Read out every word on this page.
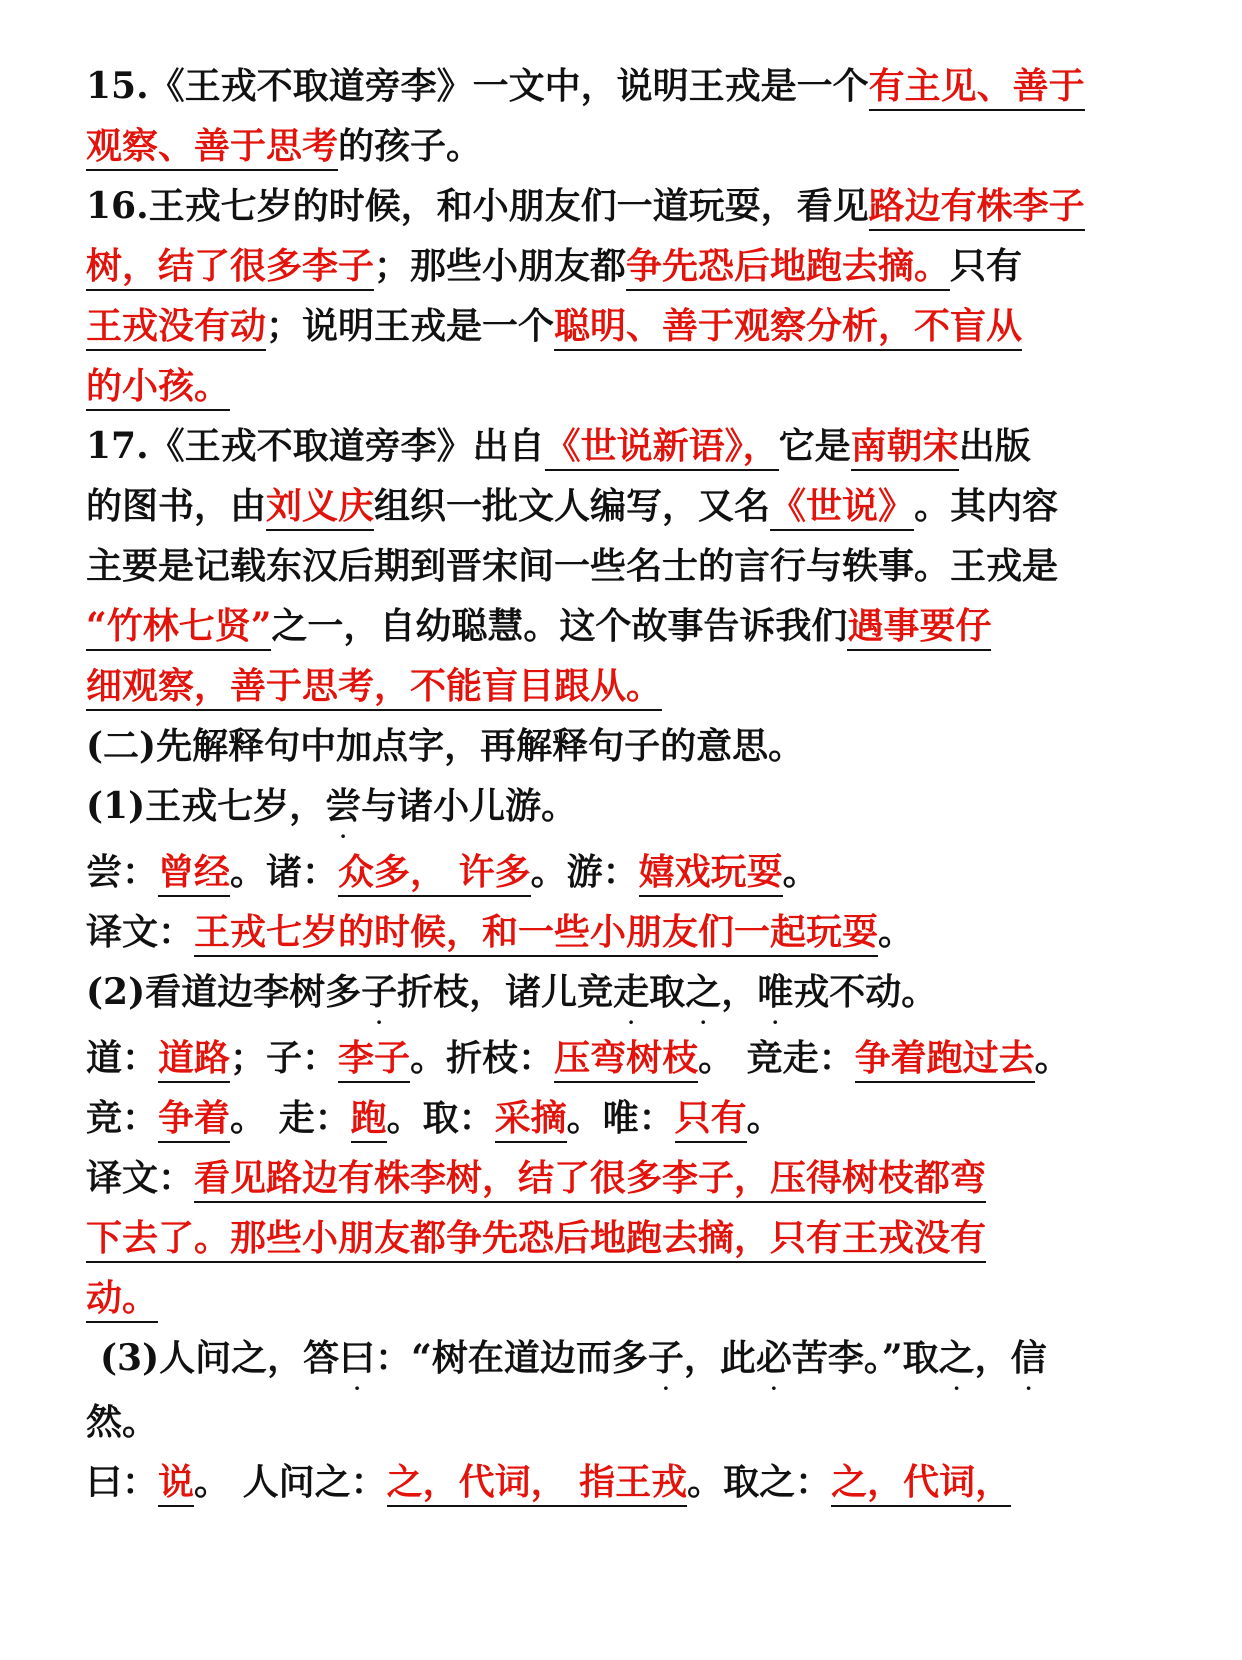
15.《王戎不取道旁李》一文中，说明王戎是一个有主见、善于
观察、善于思考的孩子。
16.王戎七岁的时候，和小朋友们一道玩耍，看见路边有株李子
树，结了很多李子；那些小朋友都争先恐后地跑去摘。只有
王戎没有动；说明王戎是一个聪明、善于观察分析，不盲从
的小孩。
17.《王戎不取道旁李》出自《世说新语》，它是南朝宋出版
的图书，由刘义庆组织一批文人编写，又名《世说》。其内容
主要是记载东汉后期到晋宋间一些名士的言行与轶事。王戎是
“竹林七贤”之一，自幼聪慧。这个故事告诉我们遇事要仔
细观察，善于思考，不能盲目跟从。
(二)先解释句中加点字，再解释句子的意思。
(1)王戎七岁，尝
·
与诸小儿游。
尝：曾经。诸：众多， 许多。游：嬉戏玩耍。
译文：王戎七岁的时候，和一些小朋友们一起玩耍。
(2)看道边李树多子
·
折枝，诸儿竞走
·
取之
·
，唯
·
戎不动。
道：道路；子：李子。折枝：压弯树枝。 竞走：争着跑过去。
竞：争着。 走：跑。取：采摘。唯：只有。
译文：看见路边有株李树，结了很多李子，压得树枝都弯
下去了。那些小朋友都争先恐后地跑去摘，只有王戎没有
动。
(3)人问之，答曰
·
：“树在道边而多子
·
，此必
·
苦李。”取之
·
，信
·
然。
曰：说。 人问之：之，代词， 指王戎。取之：之，代词，
